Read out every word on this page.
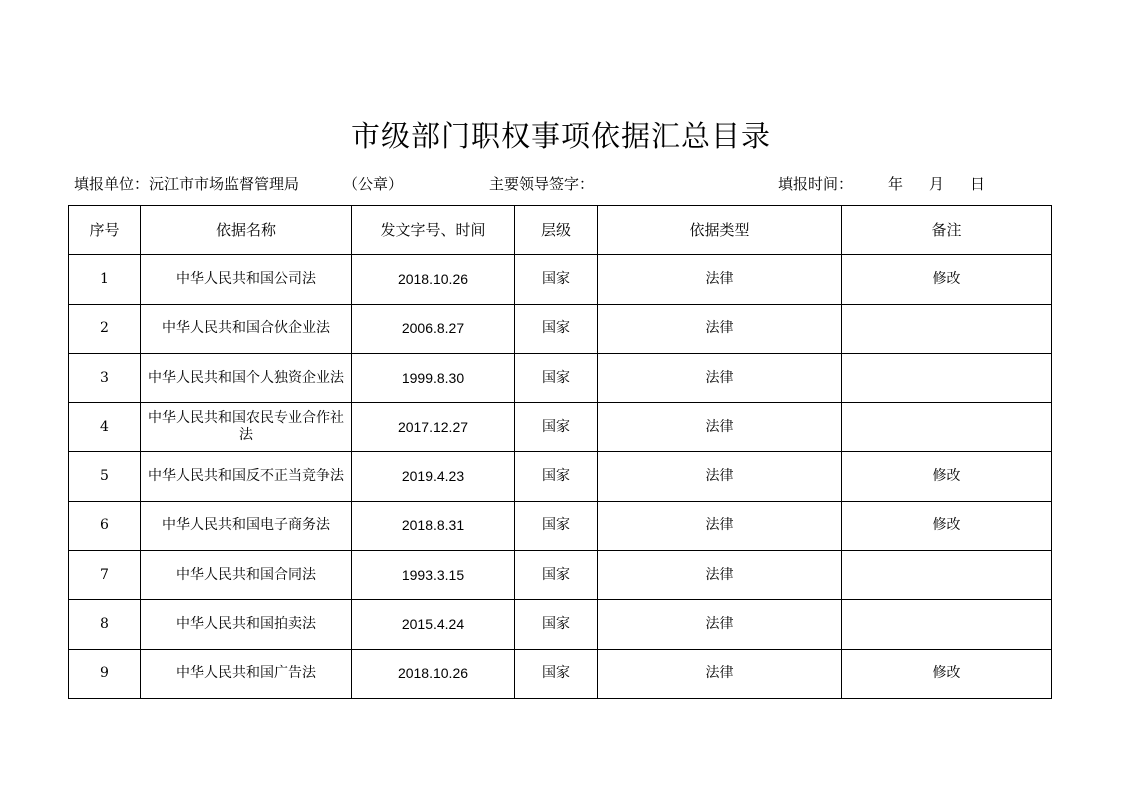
市级部门职权事项依据汇总目录
填报单位：沅江市市场监督管理局	（公章）	主要领导签字：	填报时间： 年 月 日
序号	依据名称	发文字号、时间	层级	依据类型	备注
1	中华人民共和国公司法	2018.10.26	国家	法律	修改
2	中华人民共和国合伙企业法	2006.8.27	国家	法律	
3	中华人民共和国个人独资企业法	1999.8.30	国家	法律	
4	中华人民共和国农民专业合作社法	2017.12.27	国家	法律	
5	中华人民共和国反不正当竞争法	2019.4.23	国家	法律	修改
6	中华人民共和国电子商务法	2018.8.31	国家	法律	修改
7	中华人民共和国合同法	1993.3.15	国家	法律	
8	中华人民共和国拍卖法	2015.4.24	国家	法律	
9	中华人民共和国广告法	2018.10.26	国家	法律	修改
